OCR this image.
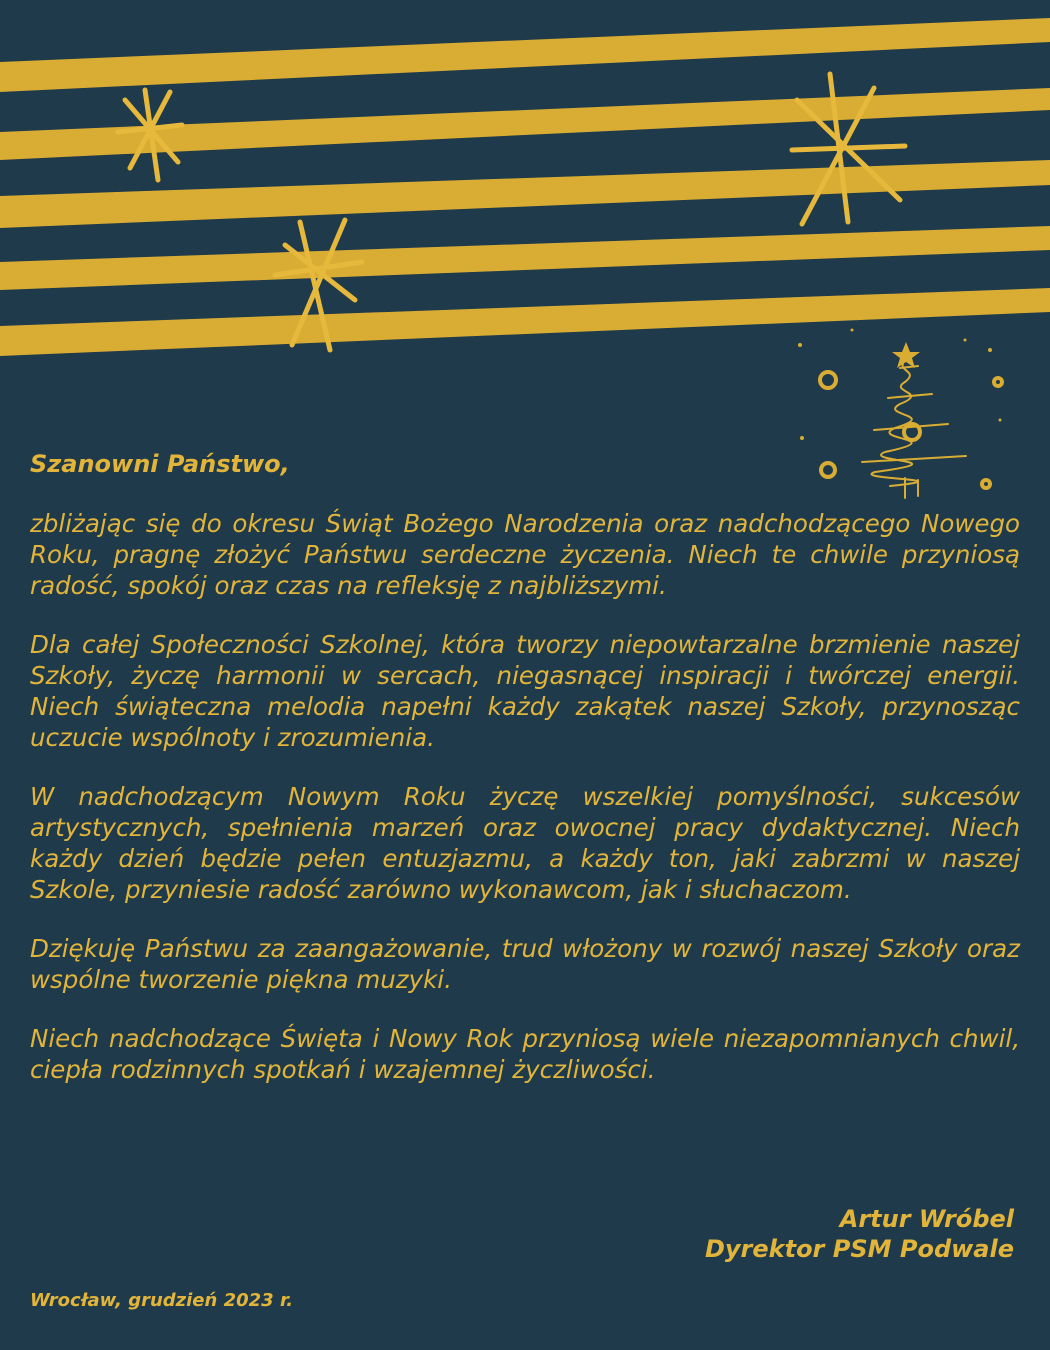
Szanowni Państwo,

zbliżając się do okresu Świąt Bożego Narodzenia oraz nadchodzącego Nowego Roku, pragnę złożyć Państwu serdeczne życzenia. Niech te chwile przyniosą radość, spokój oraz czas na refleksję z najbliższymi.

Dla całej Społeczności Szkolnej, która tworzy niepowtarzalne brzmienie naszej Szkoły, życzę harmonii w sercach, niegasnącej inspiracji i twórczej energii. Niech świąteczna melodia napełni każdy zakątek naszej Szkoły, przynosząc uczucie wspólnoty i zrozumienia.

W nadchodzącym Nowym Roku życzę wszelkiej pomyślności, sukcesów artystycznych, spełnienia marzeń oraz owocnej pracy dydaktycznej. Niech każdy dzień będzie pełen entuzjazmu, a każdy ton, jaki zabrzmi w naszej Szkole, przyniesie radość zarówno wykonawcom, jak i słuchaczom.

Dziękuję Państwu za zaangażowanie, trud włożony w rozwój naszej Szkoły oraz wspólne tworzenie piękna muzyki.

Niech nadchodzące Święta i Nowy Rok przyniosą wiele niezapomnianych chwil, ciepła rodzinnych spotkań i wzajemnej życzliwości.

Artur Wróbel
Dyrektor PSM Podwale
Wrocław, grudzień 2023 r.
